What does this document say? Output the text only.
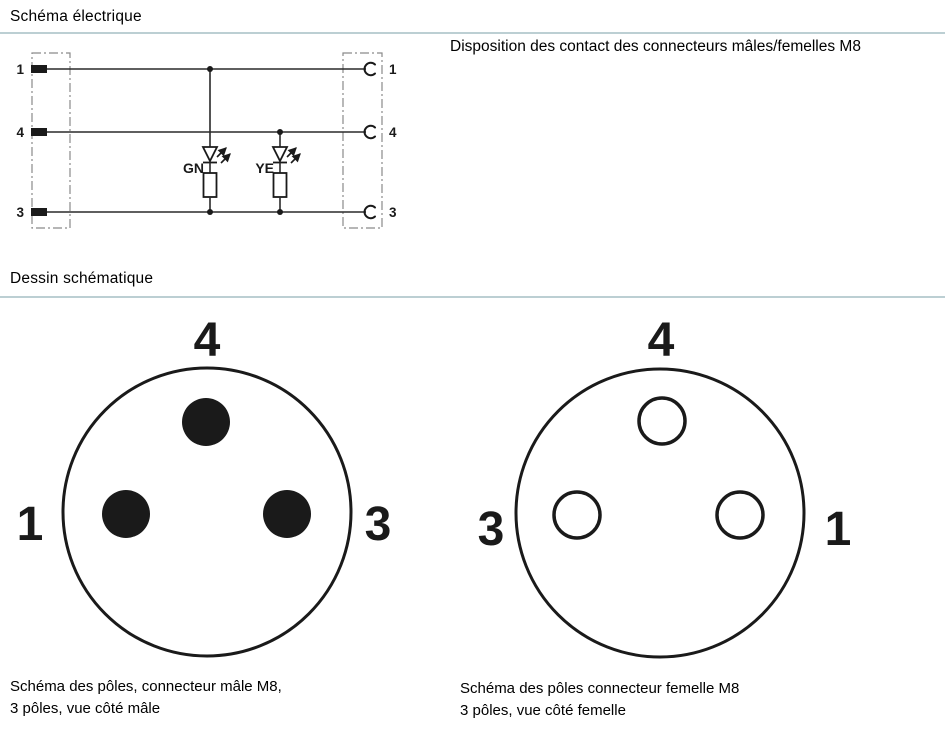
Schéma électrique
Disposition des contact des connecteurs mâles/femelles M8
1
4
3
1
4
3
GN	YE
Dessin schématique
4
1	3
4
3	1
Schéma des pôles, connecteur mâle M8,
3 pôles, vue côté mâle
Schéma des pôles connecteur femelle M8
3 pôles, vue côté femelle
